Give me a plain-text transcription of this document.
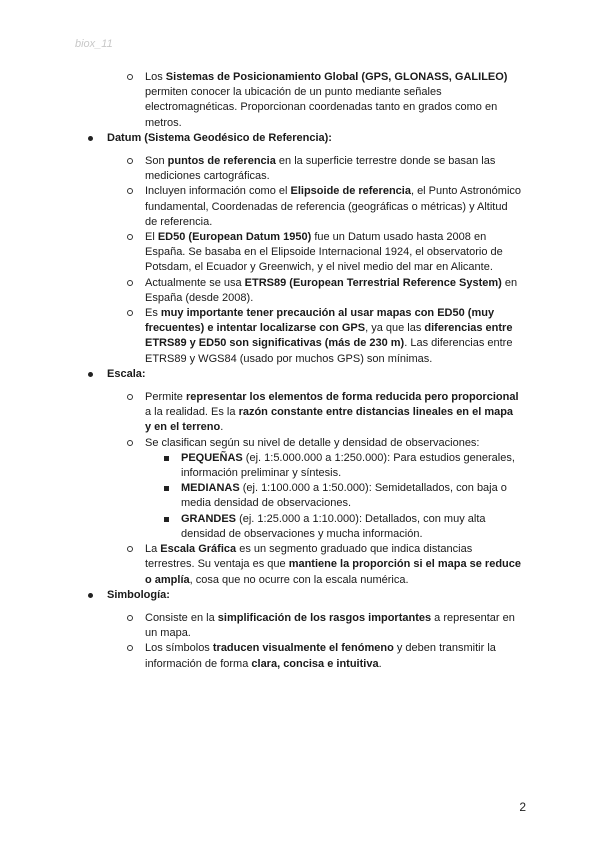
biox_11
Los Sistemas de Posicionamiento Global (GPS, GLONASS, GALILEO) permiten conocer la ubicación de un punto mediante señales electromagnéticas. Proporcionan coordenadas tanto en grados como en metros.
Datum (Sistema Geodésico de Referencia):
Son puntos de referencia en la superficie terrestre donde se basan las mediciones cartográficas.
Incluyen información como el Elipsoide de referencia, el Punto Astronómico fundamental, Coordenadas de referencia (geográficas o métricas) y Altitud de referencia.
El ED50 (European Datum 1950) fue un Datum usado hasta 2008 en España. Se basaba en el Elipsoide Internacional 1924, el observatorio de Potsdam, el Ecuador y Greenwich, y el nivel medio del mar en Alicante.
Actualmente se usa ETRS89 (European Terrestrial Reference System) en España (desde 2008).
Es muy importante tener precaución al usar mapas con ED50 (muy frecuentes) e intentar localizarse con GPS, ya que las diferencias entre ETRS89 y ED50 son significativas (más de 230 m). Las diferencias entre ETRS89 y WGS84 (usado por muchos GPS) son mínimas.
Escala:
Permite representar los elementos de forma reducida pero proporcional a la realidad. Es la razón constante entre distancias lineales en el mapa y en el terreno.
Se clasifican según su nivel de detalle y densidad de observaciones:
PEQUEÑAS (ej. 1:5.000.000 a 1:250.000): Para estudios generales, información preliminar y síntesis.
MEDIANAS (ej. 1:100.000 a 1:50.000): Semidetallados, con baja o media densidad de observaciones.
GRANDES (ej. 1:25.000 a 1:10.000): Detallados, con muy alta densidad de observaciones y mucha información.
La Escala Gráfica es un segmento graduado que indica distancias terrestres. Su ventaja es que mantiene la proporción si el mapa se reduce o amplía, cosa que no ocurre con la escala numérica.
Simbología:
Consiste en la simplificación de los rasgos importantes a representar en un mapa.
Los símbolos traducen visualmente el fenómeno y deben transmitir la información de forma clara, concisa e intuitiva.
2
